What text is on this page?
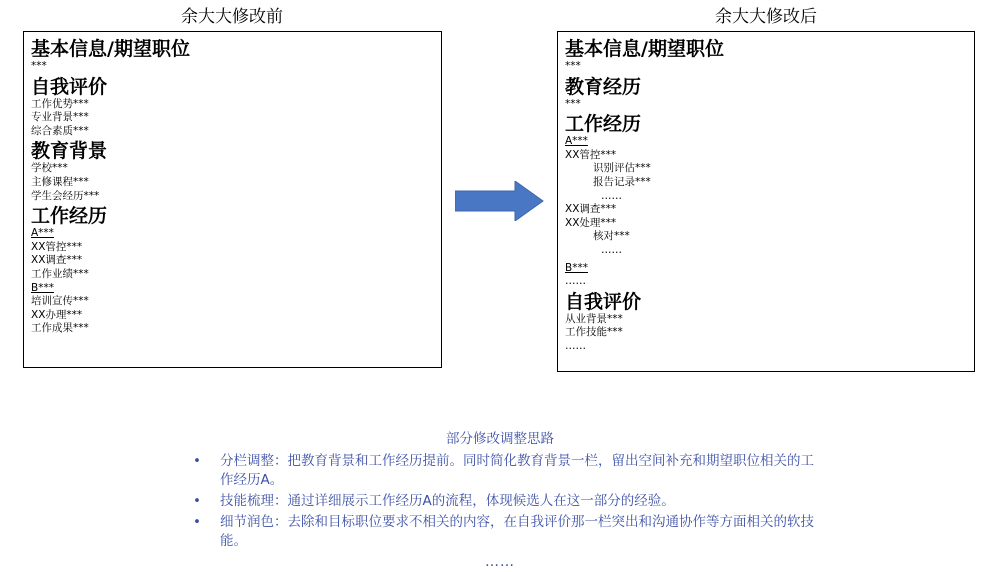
余大大修改前	余大大修改后
基本信息/期望职位
***
自我评价
工作优势***
专业背景***
综合素质***
教育背景
学校***
主修课程***
学生会经历***
工作经历
A***
XX管控***
XX调查***
工作业绩***
B***
培训宣传***
XX办理***
工作成果***
基本信息/期望职位
***
教育经历
***
工作经历
A***
XX管控***
识别评估***
报告记录***
……
XX调查***
XX处理***
核对***
……
B***
……
自我评价
从业背景***
工作技能***
……
部分修改调整思路
• 分栏调整：把教育背景和工作经历提前。同时简化教育背景一栏，留出空间补充和期望职位相关的工作经历A。
• 技能梳理：通过详细展示工作经历A的流程，体现候选人在这一部分的经验。
• 细节润色：去除和目标职位要求不相关的内容，在自我评价那一栏突出和沟通协作等方面相关的软技能。
……
